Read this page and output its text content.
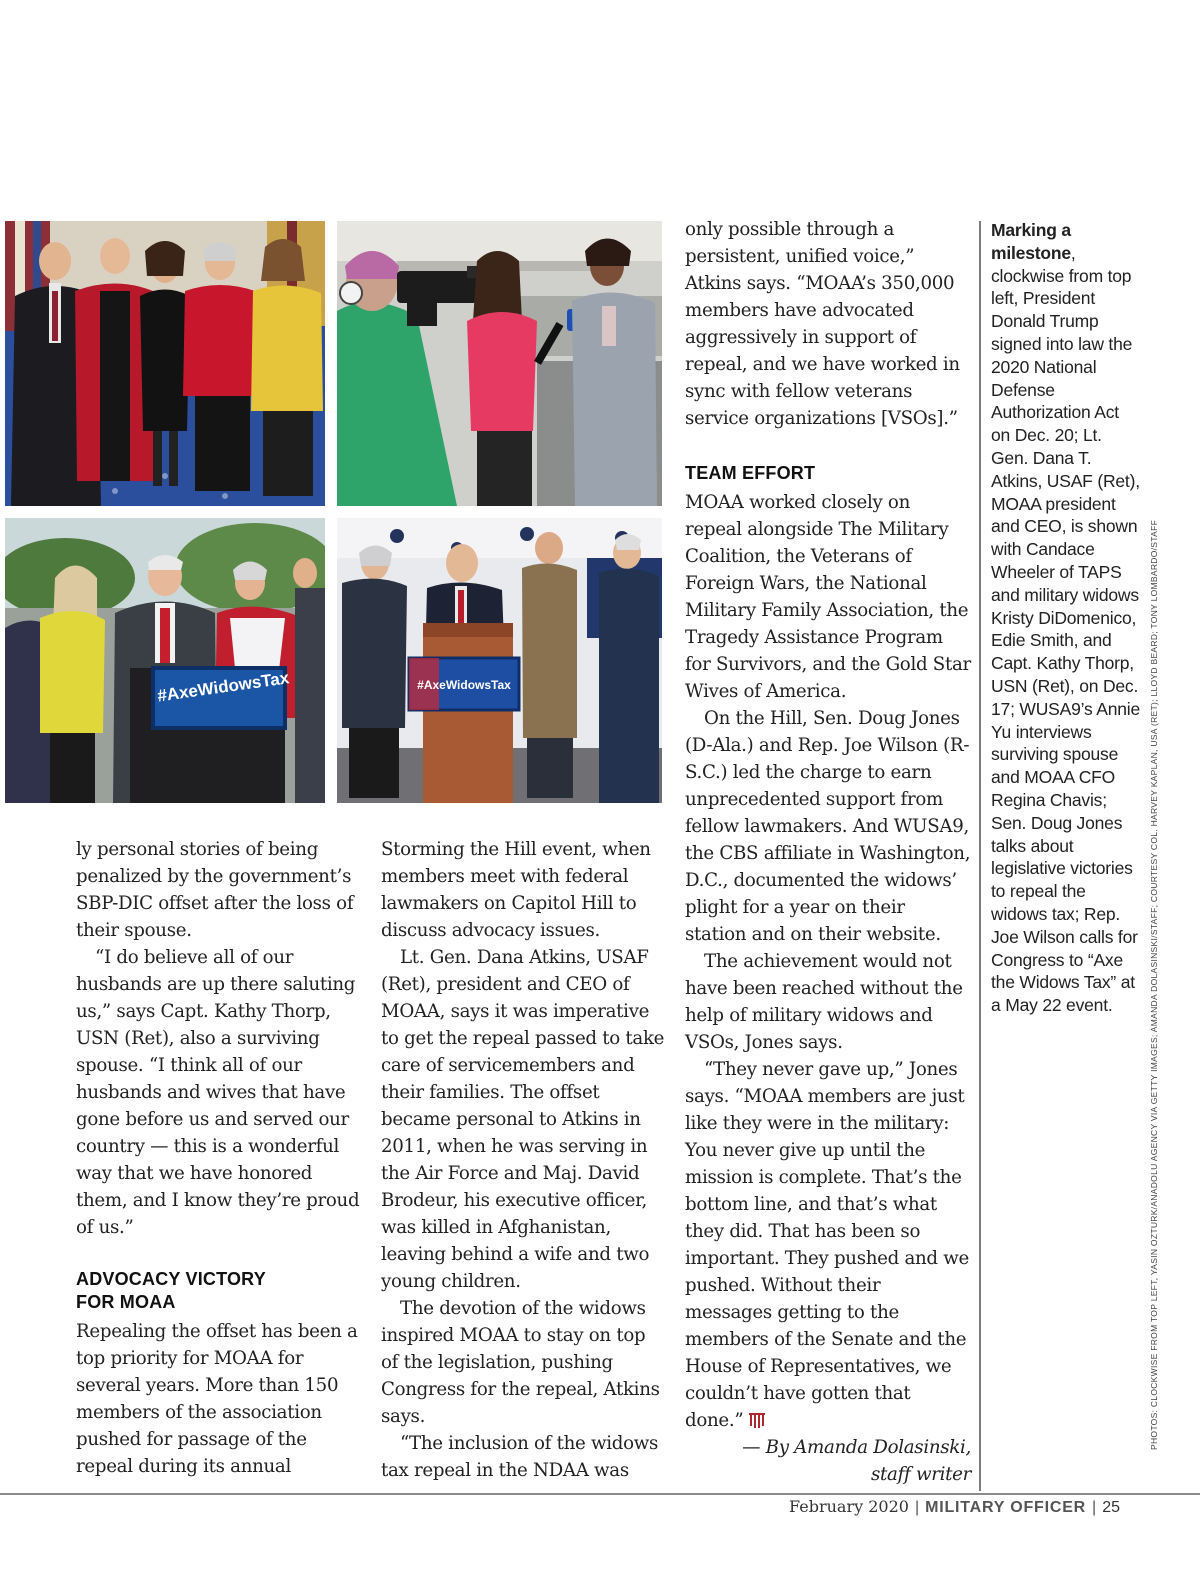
#AxeWidowsTax	#AxeWidowsTax

ly personal stories of being penalized by the government’s SBP-DIC offset after the loss of their spouse.

“I do believe all of our husbands are up there saluting us,” says Capt. Kathy Thorp, USN (Ret), also a surviving spouse. “I think all of our husbands and wives that have gone before us and served our country — this is a wonderful way that we have honored them, and I know they’re proud of us.”

ADVOCACY VICTORY FOR MOAA

Repealing the offset has been a top priority for MOAA for several years. More than 150 members of the association pushed for passage of the repeal during its annual

Storming the Hill event, when members meet with federal lawmakers on Capitol Hill to discuss advocacy issues.

Lt. Gen. Dana Atkins, USAF (Ret), president and CEO of MOAA, says it was imperative to get the repeal passed to take care of servicemembers and their families. The offset became personal to Atkins in 2011, when he was serving in the Air Force and Maj. David Brodeur, his executive officer, was killed in Afghanistan, leaving behind a wife and two young children.

The devotion of the widows inspired MOAA to stay on top of the legislation, pushing Congress for the repeal, Atkins says.

“The inclusion of the widows tax repeal in the NDAA was

only possible through a persistent, unified voice,” Atkins says. “MOAA’s 350,000 members have advocated aggressively in support of repeal, and we have worked in sync with fellow veterans service organizations [VSOs].”

TEAM EFFORT

MOAA worked closely on repeal alongside The Military Coalition, the Veterans of Foreign Wars, the National Military Family Association, the Tragedy Assistance Program for Survivors, and the Gold Star Wives of America.

On the Hill, Sen. Doug Jones (D-Ala.) and Rep. Joe Wilson (R-S.C.) led the charge to earn unprecedented support from fellow lawmakers. And WUSA9, the CBS affiliate in Washington, D.C., documented the widows’ plight for a year on their station and on their website.

The achievement would not have been reached without the help of military widows and VSOs, Jones says.

“They never gave up,” Jones says. “MOAA members are just like they were in the military: You never give up until the mission is complete. That’s the bottom line, and that’s what they did. That has been so important. They pushed and we pushed. Without their messages getting to the members of the Senate and the House of Representatives, we couldn’t have gotten that done.”

— By Amanda Dolasinski,

staff writer

Marking a milestone, clockwise from top left, President Donald Trump signed into law the 2020 National Defense Authorization Act on Dec. 20; Lt. Gen. Dana T. Atkins, USAF (Ret), MOAA president and CEO, is shown with Candace Wheeler of TAPS and military widows Kristy DiDomenico, Edie Smith, and Capt. Kathy Thorp, USN (Ret), on Dec. 17; WUSA9’s Annie Yu interviews surviving spouse and MOAA CFO Regina Chavis; Sen. Doug Jones talks about legislative victories to repeal the widows tax; Rep. Joe Wilson calls for Congress to “Axe the Widows Tax” at a May 22 event.	PHOTOS: CLOCKWISE FROM TOP LEFT, YASIN OZTURK/ANADOLU AGENCY VIA GETTY IMAGES; AMANDA DOLASINSKI/STAFF; COURTESY COL. HARVEY KAPLAN, USA (RET); LLOYD BEARD; TONY LOMBARDO/STAFF
February 2020 | MILITARY OFFICER | 25
